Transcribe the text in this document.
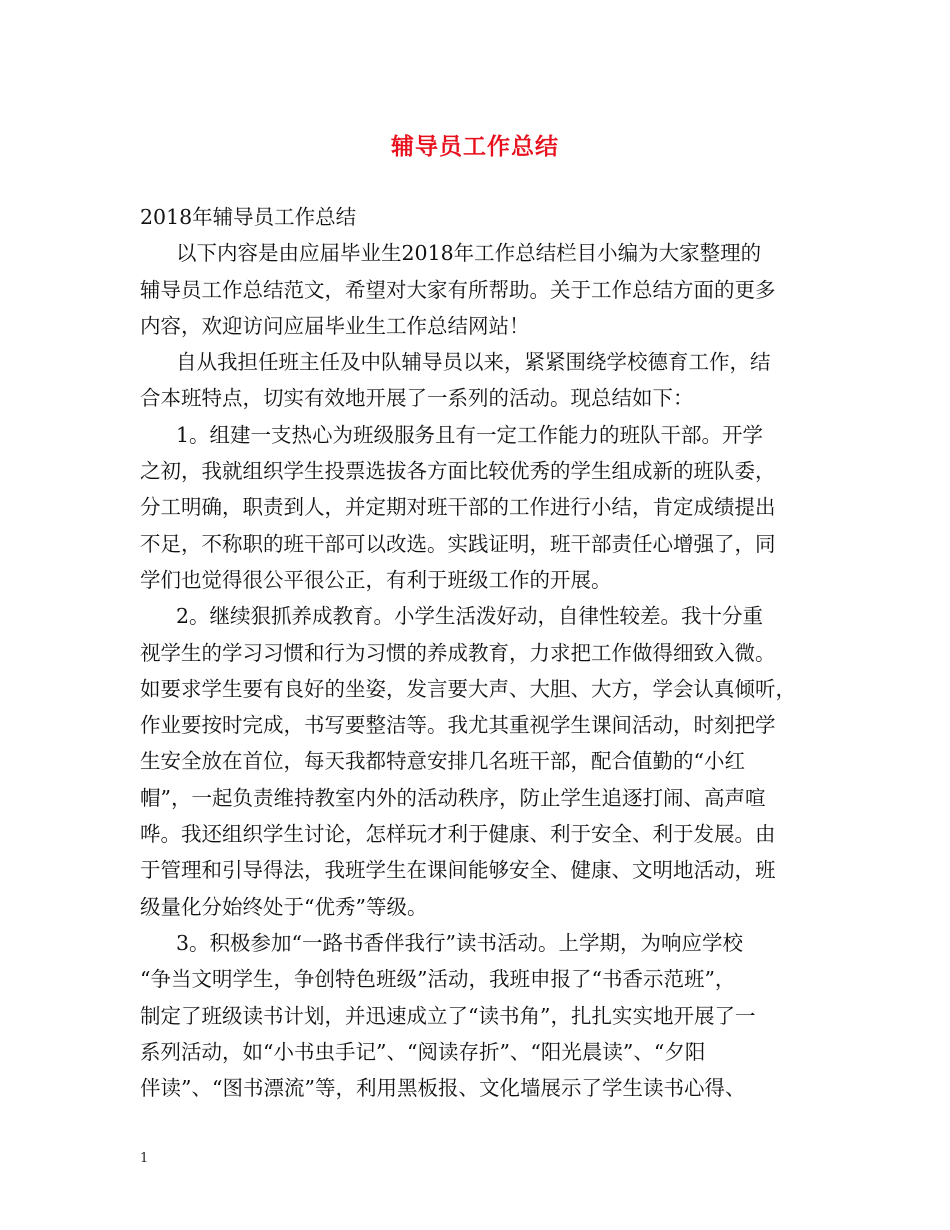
辅导员工作总结
2018年辅导员工作总结
以下内容是由应届毕业生2018年工作总结栏目小编为大家整理的
辅导员工作总结范文，希望对大家有所帮助。关于工作总结方面的更多
内容，欢迎访问应届毕业生工作总结网站！
自从我担任班主任及中队辅导员以来，紧紧围绕学校德育工作，结
合本班特点，切实有效地开展了一系列的活动。现总结如下：
1。组建一支热心为班级服务且有一定工作能力的班队干部。开学
之初，我就组织学生投票选拔各方面比较优秀的学生组成新的班队委，
分工明确，职责到人，并定期对班干部的工作进行小结，肯定成绩提出
不足，不称职的班干部可以改选。实践证明，班干部责任心增强了，同
学们也觉得很公平很公正，有利于班级工作的开展。
2。继续狠抓养成教育。小学生活泼好动，自律性较差。我十分重
视学生的学习习惯和行为习惯的养成教育，力求把工作做得细致入微。
如要求学生要有良好的坐姿，发言要大声、大胆、大方，学会认真倾听，
作业要按时完成，书写要整洁等。我尤其重视学生课间活动，时刻把学
生安全放在首位，每天我都特意安排几名班干部，配合值勤的“小红
帽”，一起负责维持教室内外的活动秩序，防止学生追逐打闹、高声喧
哗。我还组织学生讨论，怎样玩才利于健康、利于安全、利于发展。由
于管理和引导得法，我班学生在课间能够安全、健康、文明地活动，班
级量化分始终处于“优秀”等级。
3。积极参加“一路书香伴我行”读书活动。上学期，为响应学校
“争当文明学生，争创特色班级”活动，我班申报了“书香示范班”，
制定了班级读书计划，并迅速成立了“读书角”，扎扎实实地开展了一
系列活动，如“小书虫手记”、“阅读存折”、“阳光晨读”、“夕阳
伴读”、“图书漂流”等，利用黑板报、文化墙展示了学生读书心得、
1
